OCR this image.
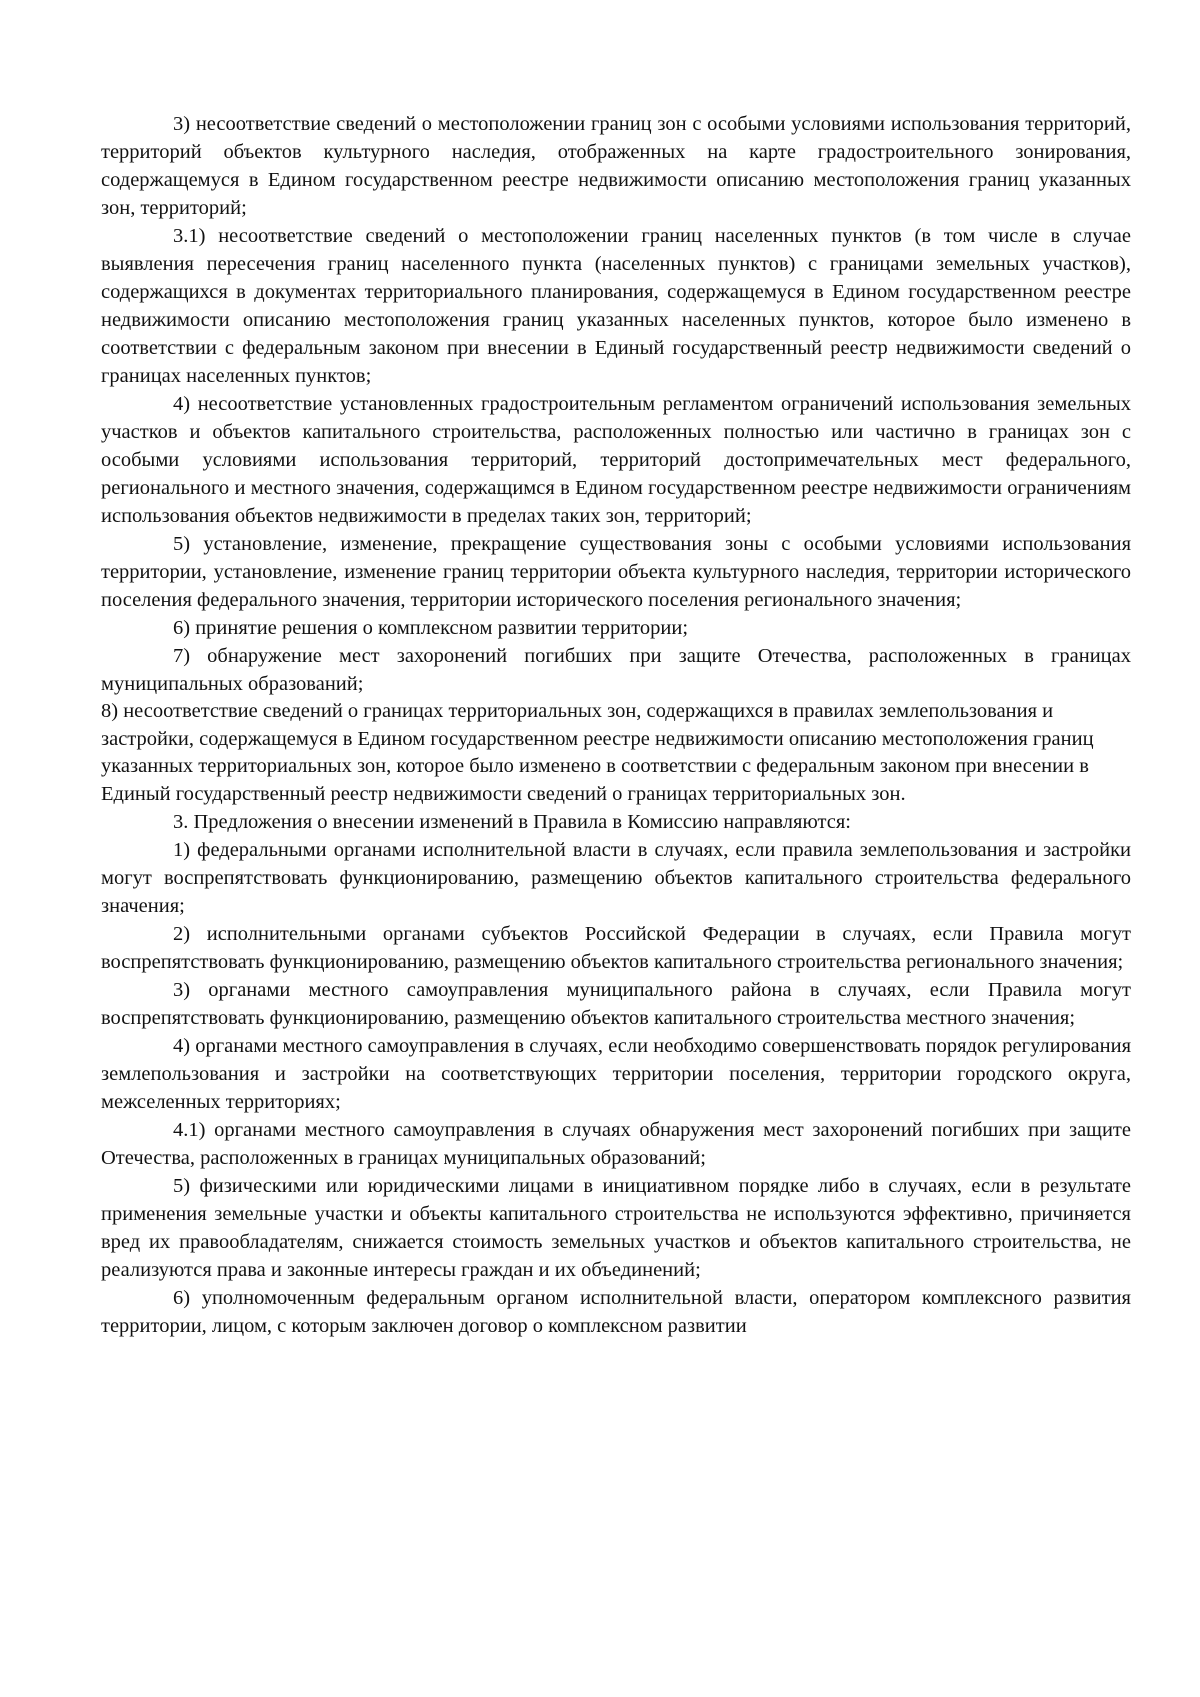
3) несоответствие сведений о местоположении границ зон с особыми условиями использования территорий, территорий объектов культурного наследия, отображенных на карте градостроительного зонирования, содержащемуся в Едином государственном реестре недвижимости описанию местоположения границ указанных зон, территорий;

3.1) несоответствие сведений о местоположении границ населенных пунктов (в том числе в случае выявления пересечения границ населенного пункта (населенных пунктов) с границами земельных участков), содержащихся в документах территориального планирования, содержащемуся в Едином государственном реестре недвижимости описанию местоположения границ указанных населенных пунктов, которое было изменено в соответствии с федеральным законом при внесении в Единый государственный реестр недвижимости сведений о границах населенных пунктов;

4) несоответствие установленных градостроительным регламентом ограничений использования земельных участков и объектов капитального строительства, расположенных полностью или частично в границах зон с особыми условиями использования территорий, территорий достопримечательных мест федерального, регионального и местного значения, содержащимся в Едином государственном реестре недвижимости ограничениям использования объектов недвижимости в пределах таких зон, территорий;

5) установление, изменение, прекращение существования зоны с особыми условиями использования территории, установление, изменение границ территории объекта культурного наследия, территории исторического поселения федерального значения, территории исторического поселения регионального значения;

6) принятие решения о комплексном развитии территории;

7) обнаружение мест захоронений погибших при защите Отечества, расположенных в границах муниципальных образований;

8) несоответствие сведений о границах территориальных зон, содержащихся в правилах землепользования и застройки, содержащемуся в Едином государственном реестре недвижимости описанию местоположения границ указанных территориальных зон, которое было изменено в соответствии с федеральным законом при внесении в Единый государственный реестр недвижимости сведений о границах территориальных зон.

3. Предложения о внесении изменений в Правила в Комиссию направляются:

1) федеральными органами исполнительной власти в случаях, если правила землепользования и застройки могут воспрепятствовать функционированию, размещению объектов капитального строительства федерального значения;

2) исполнительными органами субъектов Российской Федерации в случаях, если Правила могут воспрепятствовать функционированию, размещению объектов капитального строительства регионального значения;

3) органами местного самоуправления муниципального района в случаях, если Правила могут воспрепятствовать функционированию, размещению объектов капитального строительства местного значения;

4) органами местного самоуправления в случаях, если необходимо совершенствовать порядок регулирования землепользования и застройки на соответствующих территории поселения, территории городского округа, межселенных территориях;

4.1) органами местного самоуправления в случаях обнаружения мест захоронений погибших при защите Отечества, расположенных в границах муниципальных образований;

5) физическими или юридическими лицами в инициативном порядке либо в случаях, если в результате применения земельные участки и объекты капитального строительства не используются эффективно, причиняется вред их правообладателям, снижается стоимость земельных участков и объектов капитального строительства, не реализуются права и законные интересы граждан и их объединений;

6) уполномоченным федеральным органом исполнительной власти, оператором комплексного развития территории, лицом, с которым заключен договор о комплексном развитии
